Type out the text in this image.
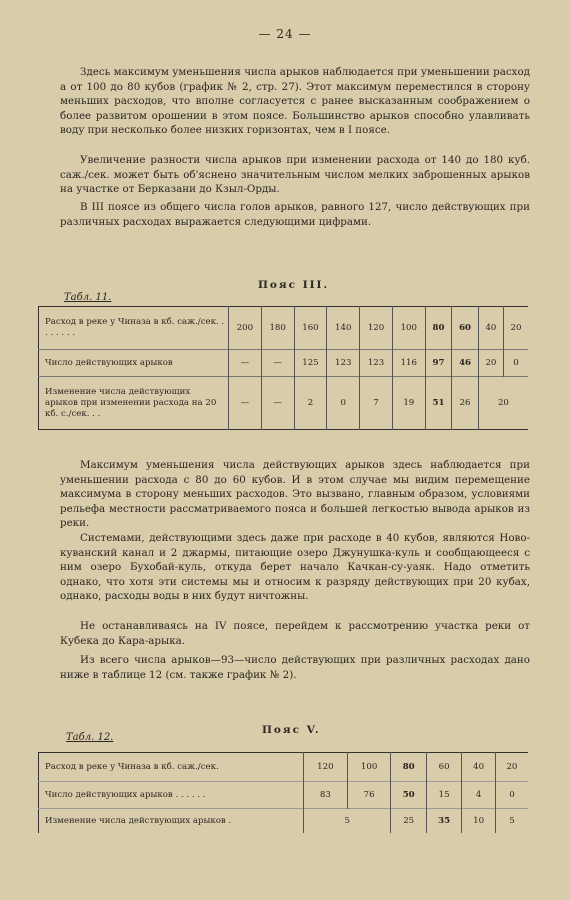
— 24 —

Здесь максимум уменьшения числа арыков наблюдается при уменьшении расход а от 100 до 80 кубов (график № 2, стр. 27). Этот максимум переместился в сторону меньших расходов, что вполне согласуется с ранее высказанным соображением о более развитом орошении в этом поясе. Большинство арыков способно улавливать воду при несколько более низких горизонтах, чем в I поясе.

Увеличение разности числа арыков при изменении расхода от 140 до 180 куб. саж./сек. может быть об'яснено значительным числом мелких заброшенных арыков на участке от Берказани до Кзыл-Орды.

В III поясе из общего числа голов арыков, равного 127, число действующих при различных расходах выражается следующими цифрами.

Пояс III.
Табл. 11.
Расход в реке у Чиназа в кб. саж./сек. . . . . . . .	200	180	160	140	120	100	80	60	40	20
Число действующих арыков	—	—	125	123	123	116	97	46	20	0
Изменение числа действующих арыков при изменении расхода на 20 кб. с./сек. . .	—	—	2	0	7	19	51	26	20	

Максимум уменьшения числа действующих арыков здесь наблюдается при уменьшении расхода с 80 до 60 кубов. И в этом случае мы видим перемещение максимума в сторону меньших расходов. Это вызвано, главным образом, условиями рельефа местности рассматриваемого пояса и большей легкостью вывода арыков из реки.

Системами, действующими здесь даже при расходе в 40 кубов, являются Ново-куванский канал и 2 джармы, питающие озеро Джунушка-куль и сообщающееся с ним озеро Бухобай-куль, откуда берет начало Качкан-су-уаяк. Надо отметить однако, что хотя эти системы мы и относим к разряду действующих при 20 кубах, однако, расходы воды в них будут ничтожны.

Не останавливаясь на IV поясе, перейдем к рассмотрению участка реки от Кубека до Кара-арыка.

Из всего числа арыков—93—число действующих при различных расходах дано ниже в таблице 12 (см. также график № 2).

Пояс V.
Табл. 12.
Расход в реке у Чиназа в кб. саж./сек.	120	100	80	60	40	20
Число действующих арыков . . . . . .	83	76	50	15	4	0
Изменение числа действующих арыков .	5		25	35	10	5
